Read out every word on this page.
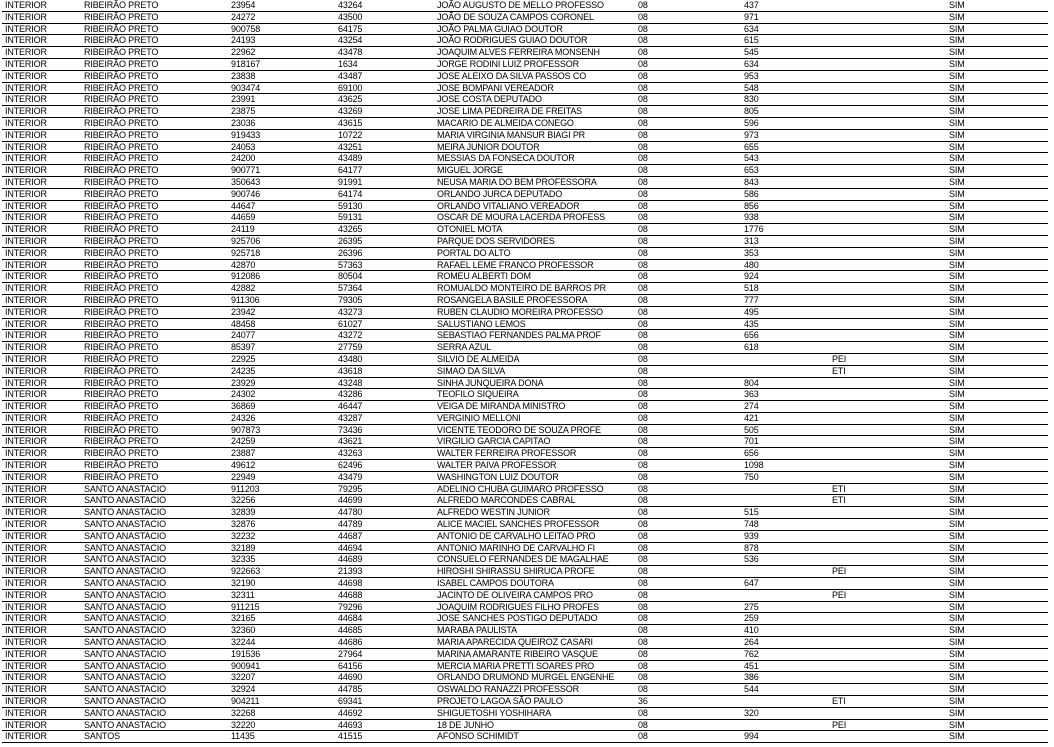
INTERIOR	RIBEIRÃO PRETO	23954	43264	JOÃO AUGUSTO DE MELLO PROFESSO	08	437		SIM
INTERIOR	RIBEIRÃO PRETO	24272	43500	JOÃO DE SOUZA CAMPOS CORONEL	08	971		SIM
INTERIOR	RIBEIRÃO PRETO	900758	64175	JOÃO PALMA GUIAO DOUTOR	08	634		SIM
INTERIOR	RIBEIRÃO PRETO	24193	43254	JOÃO RODRIGUES GUIAO DOUTOR	08	615		SIM
INTERIOR	RIBEIRÃO PRETO	22962	43478	JOAQUIM ALVES FERREIRA MONSENH	08	545		SIM
INTERIOR	RIBEIRÃO PRETO	918167	1634	JORGE RODINI LUIZ PROFESSOR	08	634		SIM
INTERIOR	RIBEIRÃO PRETO	23838	43487	JOSE ALEIXO DA SILVA PASSOS CO	08	953		SIM
INTERIOR	RIBEIRÃO PRETO	903474	69100	JOSE BOMPANI VEREADOR	08	548		SIM
INTERIOR	RIBEIRÃO PRETO	23991	43625	JOSE COSTA DEPUTADO	08	830		SIM
INTERIOR	RIBEIRÃO PRETO	23875	43269	JOSE LIMA PEDREIRA DE FREITAS	08	805		SIM
INTERIOR	RIBEIRÃO PRETO	23036	43615	MACARIO DE ALMEIDA CONEGO	08	596		SIM
INTERIOR	RIBEIRÃO PRETO	919433	10722	MARIA VIRGINIA MANSUR BIAGI PR	08	973		SIM
INTERIOR	RIBEIRÃO PRETO	24053	43251	MEIRA JUNIOR DOUTOR	08	655		SIM
INTERIOR	RIBEIRÃO PRETO	24200	43489	MESSIAS DA FONSECA DOUTOR	08	543		SIM
INTERIOR	RIBEIRÃO PRETO	900771	64177	MIGUEL JORGE	08	653		SIM
INTERIOR	RIBEIRÃO PRETO	350643	91991	NEUSA MARIA DO BEM PROFESSORA	08	843		SIM
INTERIOR	RIBEIRÃO PRETO	900746	64174	ORLANDO JURCA DEPUTADO	08	586		SIM
INTERIOR	RIBEIRÃO PRETO	44647	59130	ORLANDO VITALIANO VEREADOR	08	856		SIM
INTERIOR	RIBEIRÃO PRETO	44659	59131	OSCAR DE MOURA LACERDA PROFESS	08	938		SIM
INTERIOR	RIBEIRÃO PRETO	24119	43265	OTONIEL MOTA	08	1776		SIM
INTERIOR	RIBEIRÃO PRETO	925706	26395	PARQUE DOS SERVIDORES	08	313		SIM
INTERIOR	RIBEIRÃO PRETO	925718	26396	PORTAL DO ALTO	08	353		SIM
INTERIOR	RIBEIRÃO PRETO	42870	57363	RAFAEL LEME FRANCO PROFESSOR	08	480		SIM
INTERIOR	RIBEIRÃO PRETO	912086	80504	ROMEU ALBERTI DOM	08	924		SIM
INTERIOR	RIBEIRÃO PRETO	42882	57364	ROMUALDO MONTEIRO DE BARROS PR	08	518		SIM
INTERIOR	RIBEIRÃO PRETO	911306	79305	ROSANGELA BASILE PROFESSORA	08	777		SIM
INTERIOR	RIBEIRÃO PRETO	23942	43273	RUBEN CLAUDIO MOREIRA PROFESSO	08	495		SIM
INTERIOR	RIBEIRÃO PRETO	48458	61027	SALUSTIANO LEMOS	08	435		SIM
INTERIOR	RIBEIRÃO PRETO	24077	43272	SEBASTIAO FERNANDES PALMA PROF	08	656		SIM
INTERIOR	RIBEIRÃO PRETO	85397	27759	SERRA AZUL	08	618		SIM
INTERIOR	RIBEIRÃO PRETO	22925	43480	SILVIO DE ALMEIDA	08		PEI	SIM
INTERIOR	RIBEIRÃO PRETO	24235	43618	SIMAO DA SILVA	08		ETI	SIM
INTERIOR	RIBEIRÃO PRETO	23929	43248	SINHA JUNQUEIRA DONA	08	804		SIM
INTERIOR	RIBEIRÃO PRETO	24302	43286	TEOFILO SIQUEIRA	08	363		SIM
INTERIOR	RIBEIRÃO PRETO	36869	46447	VEIGA DE MIRANDA MINISTRO	08	274		SIM
INTERIOR	RIBEIRÃO PRETO	24326	43287	VERGINIO MELLONI	08	421		SIM
INTERIOR	RIBEIRÃO PRETO	907873	73436	VICENTE TEODORO DE SOUZA PROFE	08	505		SIM
INTERIOR	RIBEIRÃO PRETO	24259	43621	VIRGILIO GARCIA CAPITAO	08	701		SIM
INTERIOR	RIBEIRÃO PRETO	23887	43263	WALTER FERREIRA PROFESSOR	08	656		SIM
INTERIOR	RIBEIRÃO PRETO	49612	62496	WALTER PAIVA PROFESSOR	08	1098		SIM
INTERIOR	RIBEIRÃO PRETO	22949	43479	WASHINGTON LUIZ DOUTOR	08	750		SIM
INTERIOR	SANTO ANASTACIO	911203	79295	ADELINO CHUBA GUIMARO PROFESSO	08		ETI	SIM
INTERIOR	SANTO ANASTACIO	32256	44699	ALFREDO MARCONDES CABRAL	08		ETI	SIM
INTERIOR	SANTO ANASTACIO	32839	44780	ALFREDO WESTIN JUNIOR	08	515		SIM
INTERIOR	SANTO ANASTACIO	32876	44789	ALICE MACIEL SANCHES PROFESSOR	08	748		SIM
INTERIOR	SANTO ANASTACIO	32232	44687	ANTONIO DE CARVALHO LEITAO PRO	08	939		SIM
INTERIOR	SANTO ANASTACIO	32189	44694	ANTONIO MARINHO DE CARVALHO FI	08	878		SIM
INTERIOR	SANTO ANASTACIO	32335	44689	CONSUELO FERNANDES DE MAGALHAE	08	536		SIM
INTERIOR	SANTO ANASTACIO	922663	21393	HIROSHI SHIRASSU SHIRUCA PROFE	08		PEI	SIM
INTERIOR	SANTO ANASTACIO	32190	44698	ISABEL CAMPOS DOUTORA	08	647		SIM
INTERIOR	SANTO ANASTACIO	32311	44688	JACINTO DE OLIVEIRA CAMPOS PRO	08		PEI	SIM
INTERIOR	SANTO ANASTACIO	911215	79296	JOAQUIM RODRIGUES FILHO PROFES	08	275		SIM
INTERIOR	SANTO ANASTACIO	32165	44684	JOSE SANCHES POSTIGO DEPUTADO	08	259		SIM
INTERIOR	SANTO ANASTACIO	32360	44685	MARABA PAULISTA	08	410		SIM
INTERIOR	SANTO ANASTACIO	32244	44686	MARIA APARECIDA QUEIROZ CASARI	08	264		SIM
INTERIOR	SANTO ANASTACIO	191536	27964	MARINA AMARANTE RIBEIRO VASQUE	08	762		SIM
INTERIOR	SANTO ANASTACIO	900941	64156	MERCIA MARIA PRETTI SOARES PRO	08	451		SIM
INTERIOR	SANTO ANASTACIO	32207	44690	ORLANDO DRUMOND MURGEL ENGENHE	08	386		SIM
INTERIOR	SANTO ANASTACIO	32924	44785	OSWALDO RANAZZI PROFESSOR	08	544		SIM
INTERIOR	SANTO ANASTACIO	904211	69341	PROJETO LAGOA SÃO PAULO	36		ETI	SIM
INTERIOR	SANTO ANASTACIO	32268	44692	SHIGUETOSHI YOSHIHARA	08	320		SIM
INTERIOR	SANTO ANASTACIO	32220	44693	18 DE JUNHO	08		PEI	SIM
INTERIOR	SANTOS	11435	41515	AFONSO SCHIMIDT	08	994		SIM
